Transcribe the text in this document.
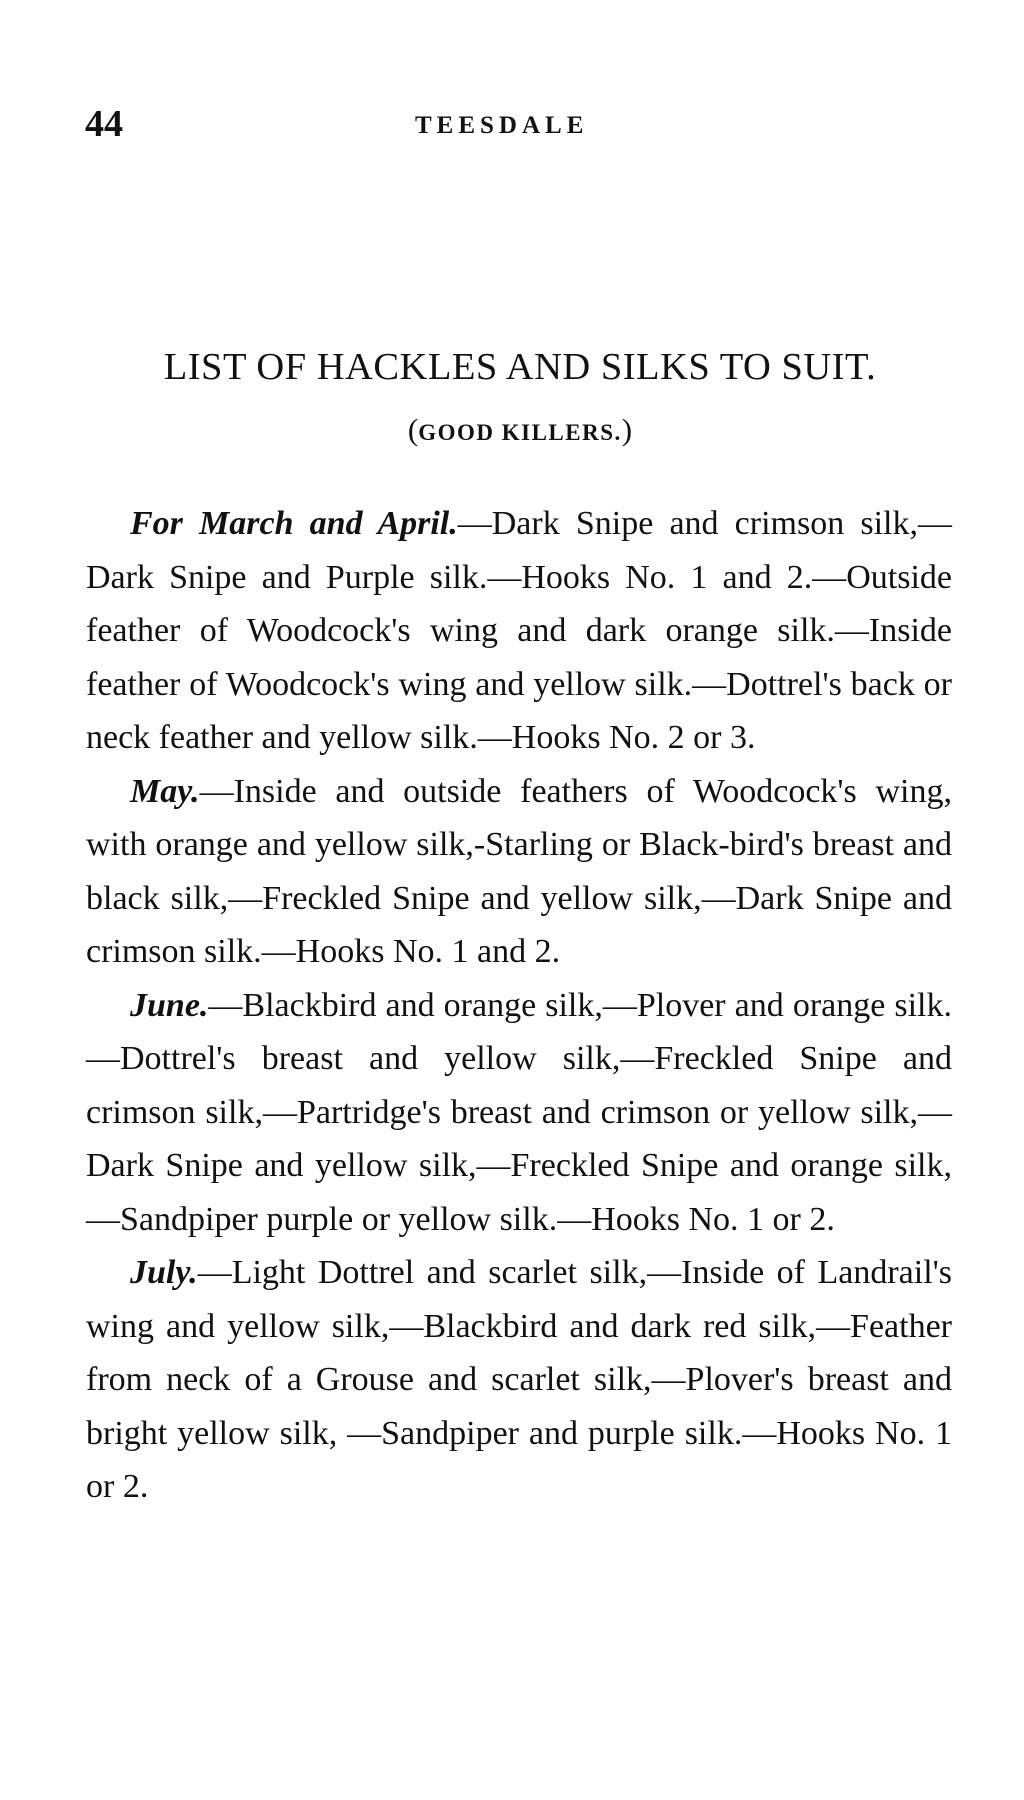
44	TEESDALE
LIST OF HACKLES AND SILKS TO SUIT.
(GOOD KILLERS.)

For March and April.—Dark Snipe and crimson silk,—Dark Snipe and Purple silk.—Hooks No. 1 and 2.—Outside feather of Woodcock's wing and dark orange silk.—Inside feather of Woodcock's wing and yellow silk.—Dottrel's back or neck feather and yellow silk.—Hooks No. 2 or 3.

May.—Inside and outside feathers of Woodcock's wing, with orange and yellow silk,-Starling or Black-bird's breast and black silk,—Freckled Snipe and yellow silk,—Dark Snipe and crimson silk.—Hooks No. 1 and 2.

June.—Blackbird and orange silk,—Plover and orange silk.—Dottrel's breast and yellow silk,—Freckled Snipe and crimson silk,—Partridge's breast and crimson or yellow silk,—Dark Snipe and yellow silk,—Freckled Snipe and orange silk,—Sandpiper purple or yellow silk.—Hooks No. 1 or 2.

July.—Light Dottrel and scarlet silk,—Inside of Landrail's wing and yellow silk,—Blackbird and dark red silk,—Feather from neck of a Grouse and scarlet silk,—Plover's breast and bright yellow silk, —Sandpiper and purple silk.—Hooks No. 1 or 2.
